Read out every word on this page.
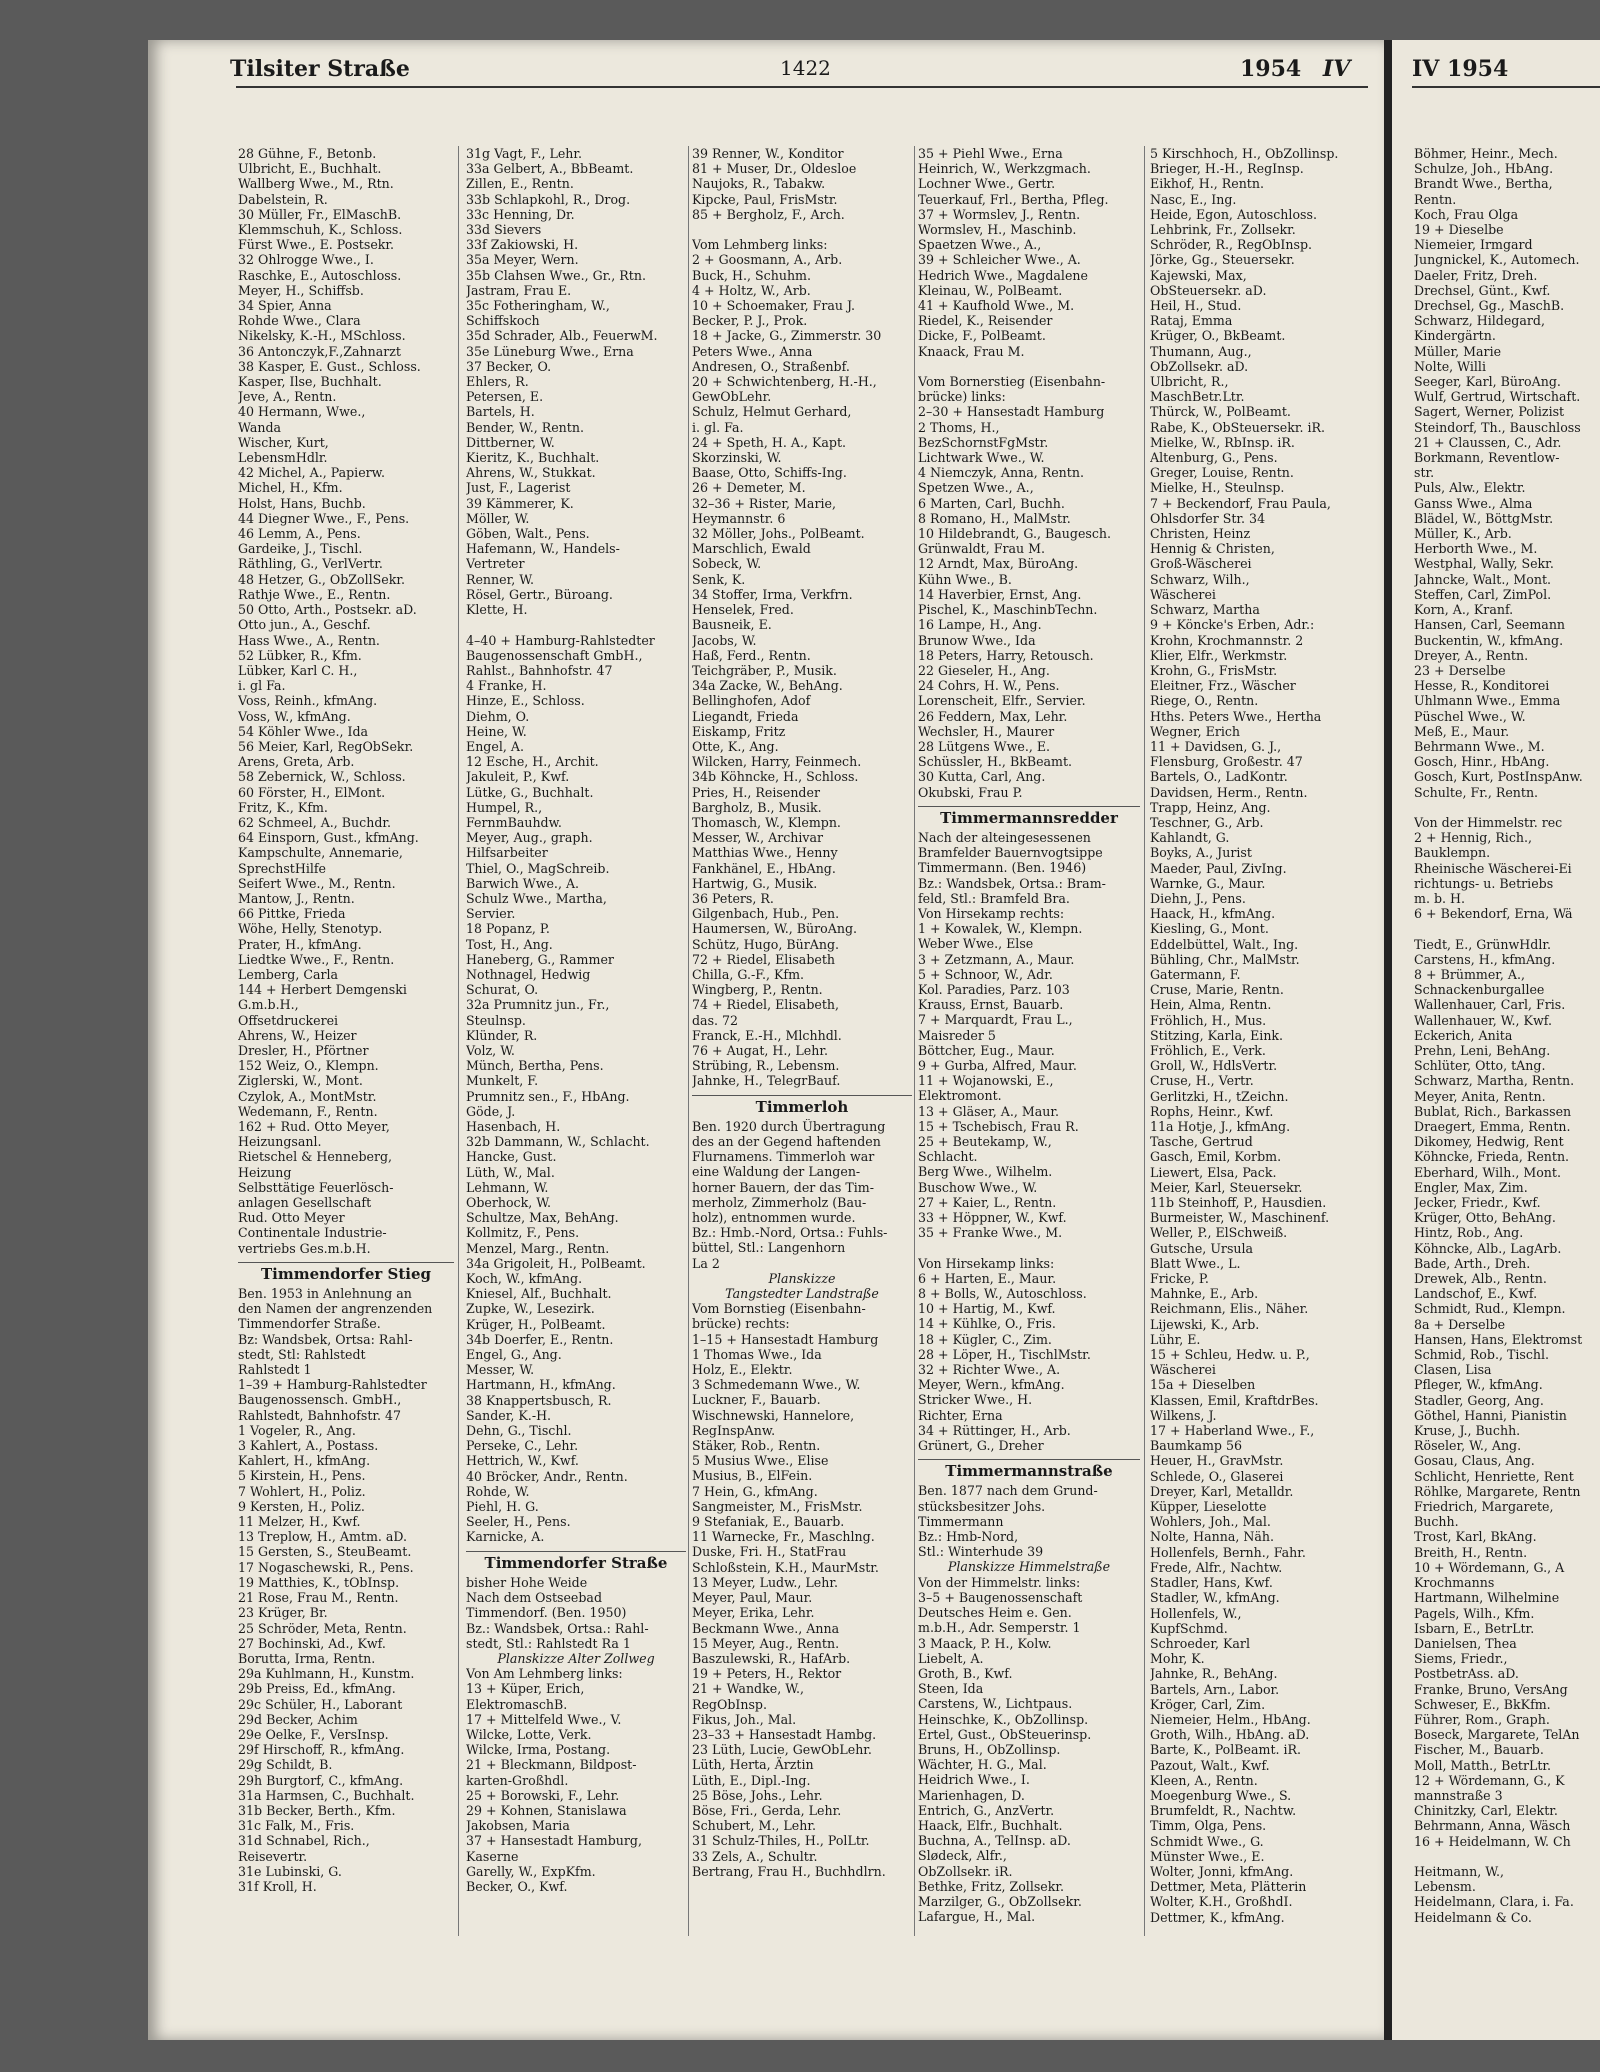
Tilsiter Straße	1422	1954 IV	IV 1954
28 Gühne, F., Betonb.
Ulbricht, E., Buchhalt.
Wallberg Wwe., M., Rtn.
Dabelstein, R.
30 Müller, Fr., ElMaschB.
Klemmschuh, K., Schloss.
Fürst Wwe., E. Postsekr.
32 Ohlrogge Wwe., I.
Raschke, E., Autoschloss.
Meyer, H., Schiffsb.
34 Spier, Anna
Rohde Wwe., Clara
Nikelsky, K.-H., MSchloss.
36 Antonczyk,F.,Zahnarzt
38 Kasper, E. Gust., Schloss.
Kasper, Ilse, Buchhalt.
Jeve, A., Rentn.
40 Hermann, Wwe.,
Wanda
Wischer, Kurt,
LebensmHdlr.
42 Michel, A., Papierw.
Michel, H., Kfm.
Holst, Hans, Buchb.
44 Diegner Wwe., F., Pens.
46 Lemm, A., Pens.
Gardeike, J., Tischl.
Räthling, G., VerlVertr.
48 Hetzer, G., ObZollSekr.
Rathje Wwe., E., Rentn.
50 Otto, Arth., Postsekr. aD.
Otto jun., A., Geschf.
Hass Wwe., A., Rentn.
52 Lübker, R., Kfm.
Lübker, Karl C. H.,
i. gl Fa.
Voss, Reinh., kfmAng.
Voss, W., kfmAng.
54 Köhler Wwe., Ida
56 Meier, Karl, RegObSekr.
Arens, Greta, Arb.
58 Zebernick, W., Schloss.
60 Förster, H., ElMont.
Fritz, K., Kfm.
62 Schmeel, A., Buchdr.
64 Einsporn, Gust., kfmAng.
Kampschulte, Annemarie,
SprechstHilfe
Seifert Wwe., M., Rentn.
Mantow, J., Rentn.
66 Pittke, Frieda
Wöhe, Helly, Stenotyp.
Prater, H., kfmAng.
Liedtke Wwe., F., Rentn.
Lemberg, Carla
144 + Herbert Demgenski
G.m.b.H.,
Offsetdruckerei
Ahrens, W., Heizer
Dresler, H., Pförtner
152 Weiz, O., Klempn.
Ziglerski, W., Mont.
Czylok, A., MontMstr.
Wedemann, F., Rentn.
162 + Rud. Otto Meyer,
Heizungsanl.
Rietschel & Henneberg,
Heizung
Selbsttätige Feuerlösch-
anlagen Gesellschaft
Rud. Otto Meyer
Continentale Industrie-
vertriebs Ges.m.b.H.
Timmendorfer Stieg
Ben. 1953 in Anlehnung an
den Namen der angrenzenden
Timmendorfer Straße.
Bz: Wandsbek, Ortsa: Rahl-
stedt, Stl: Rahlstedt
Rahlstedt 1
1–39 + Hamburg-Rahlstedter
Baugenossensch. GmbH.,
Rahlstedt, Bahnhofstr. 47
1 Vogeler, R., Ang.
3 Kahlert, A., Postass.
Kahlert, H., kfmAng.
5 Kirstein, H., Pens.
7 Wohlert, H., Poliz.
9 Kersten, H., Poliz.
11 Melzer, H., Kwf.
13 Treplow, H., Amtm. aD.
15 Gersten, S., SteuBeamt.
17 Nogaschewski, R., Pens.
19 Matthies, K., tObInsp.
21 Rose, Frau M., Rentn.
23 Krüger, Br.
25 Schröder, Meta, Rentn.
27 Bochinski, Ad., Kwf.
Borutta, Irma, Rentn.
29a Kuhlmann, H., Kunstm.
29b Preiss, Ed., kfmAng.
29c Schüler, H., Laborant
29d Becker, Achim
29e Oelke, F., VersInsp.
29f Hirschoff, R., kfmAng.
29g Schildt, B.
29h Burgtorf, C., kfmAng.
31a Harmsen, C., Buchhalt.
31b Becker, Berth., Kfm.
31c Falk, M., Fris.
31d Schnabel, Rich.,
Reisevertr.
31e Lubinski, G.
31f Kroll, H.
31g Vagt, F., Lehr.
33a Gelbert, A., BbBeamt.
Zillen, E., Rentn.
33b Schlapkohl, R., Drog.
33c Henning, Dr.
33d Sievers
33f Zakiowski, H.
35a Meyer, Wern.
35b Clahsen Wwe., Gr., Rtn.
Jastram, Frau E.
35c Fotheringham, W.,
Schiffskoch
35d Schrader, Alb., FeuerwM.
35e Lüneburg Wwe., Erna
37 Becker, O.
Ehlers, R.
Petersen, E.
Bartels, H.
Bender, W., Rentn.
Dittberner, W.
Kieritz, K., Buchhalt.
Ahrens, W., Stukkat.
Just, F., Lagerist
39 Kämmerer, K.
Möller, W.
Göben, Walt., Pens.
Hafemann, W., Handels-
Vertreter
Renner, W.
Rösel, Gertr., Büroang.
Klette, H.

4–40 + Hamburg-Rahlstedter
Baugenossenschaft GmbH.,
Rahlst., Bahnhofstr. 47
4 Franke, H.
Hinze, E., Schloss.
Diehm, O.
Heine, W.
Engel, A.
12 Esche, H., Archit.
Jakuleit, P., Kwf.
Lütke, G., Buchhalt.
Humpel, R.,
FernmBauhdw.
Meyer, Aug., graph.
Hilfsarbeiter
Thiel, O., MagSchreib.
Barwich Wwe., A.
Schulz Wwe., Martha,
Servier.
18 Popanz, P.
Tost, H., Ang.
Haneberg, G., Rammer
Nothnagel, Hedwig
Schurat, O.
32a Prumnitz jun., Fr.,
Steulnsp.
Klünder, R.
Volz, W.
Münch, Bertha, Pens.
Munkelt, F.
Prumnitz sen., F., HbAng.
Göde, J.
Hasenbach, H.
32b Dammann, W., Schlacht.
Hancke, Gust.
Lüth, W., Mal.
Lehmann, W.
Oberhock, W.
Schultze, Max, BehAng.
Kollmitz, F., Pens.
Menzel, Marg., Rentn.
34a Grigoleit, H., PolBeamt.
Koch, W., kfmAng.
Kniesel, Alf., Buchhalt.
Zupke, W., Lesezirk.
Krüger, H., PolBeamt.
34b Doerfer, E., Rentn.
Engel, G., Ang.
Messer, W.
Hartmann, H., kfmAng.
38 Knappertsbusch, R.
Sander, K.-H.
Dehn, G., Tischl.
Perseke, C., Lehr.
Hettrich, W., Kwf.
40 Bröcker, Andr., Rentn.
Rohde, W.
Piehl, H. G.
Seeler, H., Pens.
Karnicke, A.
Timmendorfer Straße
bisher Hohe Weide
Nach dem Ostseebad
Timmendorf. (Ben. 1950)
Bz.: Wandsbek, Ortsa.: Rahl-
stedt, Stl.: Rahlstedt Ra 1
Planskizze Alter Zollweg
Von Am Lehmberg links:
13 + Küper, Erich,
ElektromaschB.
17 + Mittelfeld Wwe., V.
Wilcke, Lotte, Verk.
Wilcke, Irma, Postang.
21 + Bleckmann, Bildpost-
karten-Großhdl.
25 + Borowski, F., Lehr.
29 + Kohnen, Stanislawa
Jakobsen, Maria
37 + Hansestadt Hamburg,
Kaserne
Garelly, W., ExpKfm.
Becker, O., Kwf.
39 Renner, W., Konditor
81 + Muser, Dr., Oldesloe
Naujoks, R., Tabakw.
Kipcke, Paul, FrisMstr.
85 + Bergholz, F., Arch.

Vom Lehmberg links:
2 + Goosmann, A., Arb.
Buck, H., Schuhm.
4 + Holtz, W., Arb.
10 + Schoemaker, Frau J.
Becker, P. J., Prok.
18 + Jacke, G., Zimmerstr. 30
Peters Wwe., Anna
Andresen, O., Straßenbf.
20 + Schwichtenberg, H.-H.,
GewObLehr.
Schulz, Helmut Gerhard,
i. gl. Fa.
24 + Speth, H. A., Kapt.
Skorzinski, W.
Baase, Otto, Schiffs-Ing.
26 + Demeter, M.
32–36 + Rister, Marie,
Heymannstr. 6
32 Möller, Johs., PolBeamt.
Marschlich, Ewald
Sobeck, W.
Senk, K.
34 Stoffer, Irma, Verkfrn.
Henselek, Fred.
Bausneik, E.
Jacobs, W.
Haß, Ferd., Rentn.
Teichgräber, P., Musik.
34a Zacke, W., BehAng.
Bellinghofen, Adof
Liegandt, Frieda
Eiskamp, Fritz
Otte, K., Ang.
Wilcken, Harry, Feinmech.
34b Köhncke, H., Schloss.
Pries, H., Reisender
Bargholz, B., Musik.
Thomasch, W., Klempn.
Messer, W., Archivar
Matthias Wwe., Henny
Fankhänel, E., HbAng.
Hartwig, G., Musik.
36 Peters, R.
Gilgenbach, Hub., Pen.
Haumersen, W., BüroAng.
Schütz, Hugo, BürAng.
72 + Riedel, Elisabeth
Chilla, G.-F., Kfm.
Wingberg, P., Rentn.
74 + Riedel, Elisabeth,
das. 72
Franck, E.-H., Mlchhdl.
76 + Augat, H., Lehr.
Strübing, R., Lebensm.
Jahnke, H., TelegrBauf.
Timmerloh
Ben. 1920 durch Übertragung
des an der Gegend haftenden
Flurnamens. Timmerloh war
eine Waldung der Langen-
horner Bauern, der das Tim-
merholz, Zimmerholz (Bau-
holz), entnommen wurde.
Bz.: Hmb.-Nord, Ortsa.: Fuhls-
büttel, Stl.: Langenhorn
La 2
Planskizze
Tangstedter Landstraße
Vom Bornstieg (Eisenbahn-
brücke) rechts:
1–15 + Hansestadt Hamburg
1 Thomas Wwe., Ida
Holz, E., Elektr.
3 Schmedemann Wwe., W.
Luckner, F., Bauarb.
Wischnewski, Hannelore,
RegInspAnw.
Stäker, Rob., Rentn.
5 Musius Wwe., Elise
Musius, B., ElFein.
7 Hein, G., kfmAng.
Sangmeister, M., FrisMstr.
9 Stefaniak, E., Bauarb.
11 Warnecke, Fr., Maschlng.
Duske, Fri. H., StatFrau
Schloßstein, K.H., MaurMstr.
13 Meyer, Ludw., Lehr.
Meyer, Paul, Maur.
Meyer, Erika, Lehr.
Beckmann Wwe., Anna
15 Meyer, Aug., Rentn.
Baszulewski, R., HafArb.
19 + Peters, H., Rektor
21 + Wandke, W.,
RegObInsp.
Fikus, Joh., Mal.
23–33 + Hansestadt Hambg.
23 Lüth, Lucie, GewObLehr.
Lüth, Herta, Ärztin
Lüth, E., Dipl.-Ing.
25 Böse, Johs., Lehr.
Böse, Fri., Gerda, Lehr.
Schubert, M., Lehr.
31 Schulz-Thiles, H., PolLtr.
33 Zels, A., Schultr.
Bertrang, Frau H., Buchhdlrn.
35 + Piehl Wwe., Erna
Heinrich, W., Werkzgmach.
Lochner Wwe., Gertr.
Teuerkauf, Frl., Bertha, Pfleg.
37 + Wormslev, J., Rentn.
Wormslev, H., Maschinb.
Spaetzen Wwe., A.,
39 + Schleicher Wwe., A.
Hedrich Wwe., Magdalene
Kleinau, W., PolBeamt.
41 + Kaufhold Wwe., M.
Riedel, K., Reisender
Dicke, F., PolBeamt.
Knaack, Frau M.

Vom Bornerstieg (Eisenbahn-
brücke) links:
2–30 + Hansestadt Hamburg
2 Thoms, H.,
BezSchornstFgMstr.
Lichtwark Wwe., W.
4 Niemczyk, Anna, Rentn.
Spetzen Wwe., A.,
6 Marten, Carl, Buchh.
8 Romano, H., MalMstr.
10 Hildebrandt, G., Baugesch.
Grünwaldt, Frau M.
12 Arndt, Max, BüroAng.
Kühn Wwe., B.
14 Haverbier, Ernst, Ang.
Pischel, K., MaschinbTechn.
16 Lampe, H., Ang.
Brunow Wwe., Ida
18 Peters, Harry, Retousch.
22 Gieseler, H., Ang.
24 Cohrs, H. W., Pens.
Lorenscheit, Elfr., Servier.
26 Feddern, Max, Lehr.
Wechsler, H., Maurer
28 Lütgens Wwe., E.
Schüssler, H., BkBeamt.
30 Kutta, Carl, Ang.
Okubski, Frau P.
Timmermannsredder
Nach der alteingesessenen
Bramfelder Bauernvogtsippe
Timmermann. (Ben. 1946)
Bz.: Wandsbek, Ortsa.: Bram-
feld, Stl.: Bramfeld Bra.
Von Hirsekamp rechts:
1 + Kowalek, W., Klempn.
Weber Wwe., Else
3 + Zetzmann, A., Maur.
5 + Schnoor, W., Adr.
Kol. Paradies, Parz. 103
Krauss, Ernst, Bauarb.
7 + Marquardt, Frau L.,
Maisreder 5
Böttcher, Eug., Maur.
9 + Gurba, Alfred, Maur.
11 + Wojanowski, E.,
Elektromont.
13 + Gläser, A., Maur.
15 + Tschebisch, Frau R.
25 + Beutekamp, W.,
Schlacht.
Berg Wwe., Wilhelm.
Buschow Wwe., W.
27 + Kaier, L., Rentn.
33 + Höppner, W., Kwf.
35 + Franke Wwe., M.

Von Hirsekamp links:
6 + Harten, E., Maur.
8 + Bolls, W., Autoschloss.
10 + Hartig, M., Kwf.
14 + Kühlke, O., Fris.
18 + Kügler, C., Zim.
28 + Löper, H., TischlMstr.
32 + Richter Wwe., A.
Meyer, Wern., kfmAng.
Stricker Wwe., H.
Richter, Erna
34 + Rüttinger, H., Arb.
Grünert, G., Dreher
Timmermannstraße
Ben. 1877 nach dem Grund-
stücksbesitzer Johs.
Timmermann
Bz.: Hmb-Nord,
Stl.: Winterhude 39
Planskizze Himmelstraße
Von der Himmelstr. links:
3–5 + Baugenossenschaft
Deutsches Heim e. Gen.
m.b.H., Adr. Semperstr. 1
3 Maack, P. H., Kolw.
Liebelt, A.
Groth, B., Kwf.
Steen, Ida
Carstens, W., Lichtpaus.
Heinschke, K., ObZollinsp.
Ertel, Gust., ObSteuerinsp.
Bruns, H., ObZollinsp.
Wächter, H. G., Mal.
Heidrich Wwe., I.
Marienhagen, D.
Entrich, G., AnzVertr.
Haack, Elfr., Buchhalt.
Buchna, A., TelInsp. aD.
Slødeck, Alfr.,
ObZollsekr. iR.
Bethke, Fritz, Zollsekr.
Marzilger, G., ObZollsekr.
Lafargue, H., Mal.
5 Kirschhoch, H., ObZollinsp.
Brieger, H.-H., RegInsp.
Eikhof, H., Rentn.
Nasc, E., Ing.
Heide, Egon, Autoschloss.
Lehbrink, Fr., Zollsekr.
Schröder, R., RegObInsp.
Jörke, Gg., Steuersekr.
Kajewski, Max,
ObSteuersekr. aD.
Heil, H., Stud.
Rataj, Emma
Krüger, O., BkBeamt.
Thumann, Aug.,
ObZollsekr. aD.
Ulbricht, R.,
MaschBetr.Ltr.
Thürck, W., PolBeamt.
Rabe, K., ObSteuersekr. iR.
Mielke, W., RbInsp. iR.
Altenburg, G., Pens.
Greger, Louise, Rentn.
Mielke, H., Steulnsp.
7 + Beckendorf, Frau Paula,
Ohlsdorfer Str. 34
Christen, Heinz
Hennig & Christen,
Groß-Wäscherei
Schwarz, Wilh.,
Wäscherei
Schwarz, Martha
9 + Köncke's Erben, Adr.:
Krohn, Krochmannstr. 2
Klier, Elfr., Werkmstr.
Krohn, G., FrisMstr.
Eleitner, Frz., Wäscher
Riege, O., Rentn.
Hths. Peters Wwe., Hertha
Wegner, Erich
11 + Davidsen, G. J.,
Flensburg, Großestr. 47
Bartels, O., LadKontr.
Davidsen, Herm., Rentn.
Trapp, Heinz, Ang.
Teschner, G., Arb.
Kahlandt, G.
Boyks, A., Jurist
Maeder, Paul, ZivIng.
Warnke, G., Maur.
Diehn, J., Pens.
Haack, H., kfmAng.
Kiesling, G., Mont.
Eddelbüttel, Walt., Ing.
Bühling, Chr., MalMstr.
Gatermann, F.
Cruse, Marie, Rentn.
Hein, Alma, Rentn.
Fröhlich, H., Mus.
Stitzing, Karla, Eink.
Fröhlich, E., Verk.
Groll, W., HdlsVertr.
Cruse, H., Vertr.
Gerlitzki, H., tZeichn.
Rophs, Heinr., Kwf.
11a Hotje, J., kfmAng.
Tasche, Gertrud
Gasch, Emil, Korbm.
Liewert, Elsa, Pack.
Meier, Karl, Steuersekr.
11b Steinhoff, P., Hausdien.
Burmeister, W., Maschinenf.
Weller, P., ElSchweiß.
Gutsche, Ursula
Blatt Wwe., L.
Fricke, P.
Mahnke, E., Arb.
Reichmann, Elis., Näher.
Lijewski, K., Arb.
Lühr, E.
15 + Schleu, Hedw. u. P.,
Wäscherei
15a + Dieselben
Klassen, Emil, KraftdrBes.
Wilkens, J.
17 + Haberland Wwe., F.,
Baumkamp 56
Heuer, H., GravMstr.
Schlede, O., Glaserei
Dreyer, Karl, Metalldr.
Küpper, Lieselotte
Wohlers, Joh., Mal.
Nolte, Hanna, Näh.
Hollenfels, Bernh., Fahr.
Frede, Alfr., Nachtw.
Stadler, Hans, Kwf.
Stadler, W., kfmAng.
Hollenfels, W.,
KupfSchmd.
Schroeder, Karl
Mohr, K.
Jahnke, R., BehAng.
Bartels, Arn., Labor.
Kröger, Carl, Zim.
Niemeier, Helm., HbAng.
Groth, Wilh., HbAng. aD.
Barte, K., PolBeamt. iR.
Pazout, Walt., Kwf.
Kleen, A., Rentn.
Moegenburg Wwe., S.
Brumfeldt, R., Nachtw.
Timm, Olga, Pens.
Schmidt Wwe., G.
Münster Wwe., E.
Wolter, Jonni, kfmAng.
Dettmer, Meta, Plätterin
Wolter, K.H., GroßhdI.
Dettmer, K., kfmAng.
Böhmer, Heinr., Mech.
Schulze, Joh., HbAng.
Brandt Wwe., Bertha,
Rentn.
Koch, Frau Olga
19 + Dieselbe
Niemeier, Irmgard
Jungnickel, K., Automech.
Daeler, Fritz, Dreh.
Drechsel, Günt., Kwf.
Drechsel, Gg., MaschB.
Schwarz, Hildegard,
Kindergärtn.
Müller, Marie
Nolte, Willi
Seeger, Karl, BüroAng.
Wulf, Gertrud, Wirtschaft.
Sagert, Werner, Polizist
Steindorf, Th., Bauschloss
21 + Claussen, C., Adr.
Borkmann, Reventlow-
str.
Puls, Alw., Elektr.
Ganss Wwe., Alma
Blädel, W., BöttgMstr.
Müller, K., Arb.
Herborth Wwe., M.
Westphal, Wally, Sekr.
Jahncke, Walt., Mont.
Steffen, Carl, ZimPol.
Korn, A., Kranf.
Hansen, Carl, Seemann
Buckentin, W., kfmAng.
Dreyer, A., Rentn.
23 + Derselbe
Hesse, R., Konditorei
Uhlmann Wwe., Emma
Püschel Wwe., W.
Meß, E., Maur.
Behrmann Wwe., M.
Gosch, Hinr., HbAng.
Gosch, Kurt, PostInspAnw.
Schulte, Fr., Rentn.

Von der Himmelstr. rec
2 + Hennig, Rich.,
Bauklempn.
Rheinische Wäscherei-Ei
richtungs- u. Betriebs
m. b. H.
6 + Bekendorf, Erna, Wä

Tiedt, E., GrünwHdlr.
Carstens, H., kfmAng.
8 + Brümmer, A.,
Schnackenburgallee
Wallenhauer, Carl, Fris.
Wallenhauer, W., Kwf.
Eckerich, Anita
Prehn, Leni, BehAng.
Schlüter, Otto, tAng.
Schwarz, Martha, Rentn.
Meyer, Anita, Rentn.
Bublat, Rich., Barkassen
Draegert, Emma, Rentn.
Dikomey, Hedwig, Rent
Köhncke, Frieda, Rentn.
Eberhard, Wilh., Mont.
Engler, Max, Zim.
Jecker, Friedr., Kwf.
Krüger, Otto, BehAng.
Hintz, Rob., Ang.
Köhncke, Alb., LagArb.
Bade, Arth., Dreh.
Drewek, Alb., Rentn.
Landschof, E., Kwf.
Schmidt, Rud., Klempn.
8a + Derselbe
Hansen, Hans, Elektromst
Schmid, Rob., Tischl.
Clasen, Lisa
Pfleger, W., kfmAng.
Stadler, Georg, Ang.
Göthel, Hanni, Pianistin
Kruse, J., Buchh.
Röseler, W., Ang.
Gosau, Claus, Ang.
Schlicht, Henriette, Rent
Röhlke, Margarete, Rentn
Friedrich, Margarete,
Buchh.
Trost, Karl, BkAng.
Breith, H., Rentn.
10 + Wördemann, G., A
Krochmanns
Hartmann, Wilhelmine
Pagels, Wilh., Kfm.
Isbarn, E., BetrLtr.
Danielsen, Thea
Siems, Friedr.,
PostbetrAss. aD.
Franke, Bruno, VersAng
Schweser, E., BkKfm.
Führer, Rom., Graph.
Boseck, Margarete, TelAn
Fischer, M., Bauarb.
Moll, Matth., BetrLtr.
12 + Wördemann, G., K
mannstraße 3
Chinitzky, Carl, Elektr.
Behrmann, Anna, Wäsch
16 + Heidelmann, W. Ch

Heitmann, W.,
Lebensm.
Heidelmann, Clara, i. Fa.
Heidelmann & Co.
